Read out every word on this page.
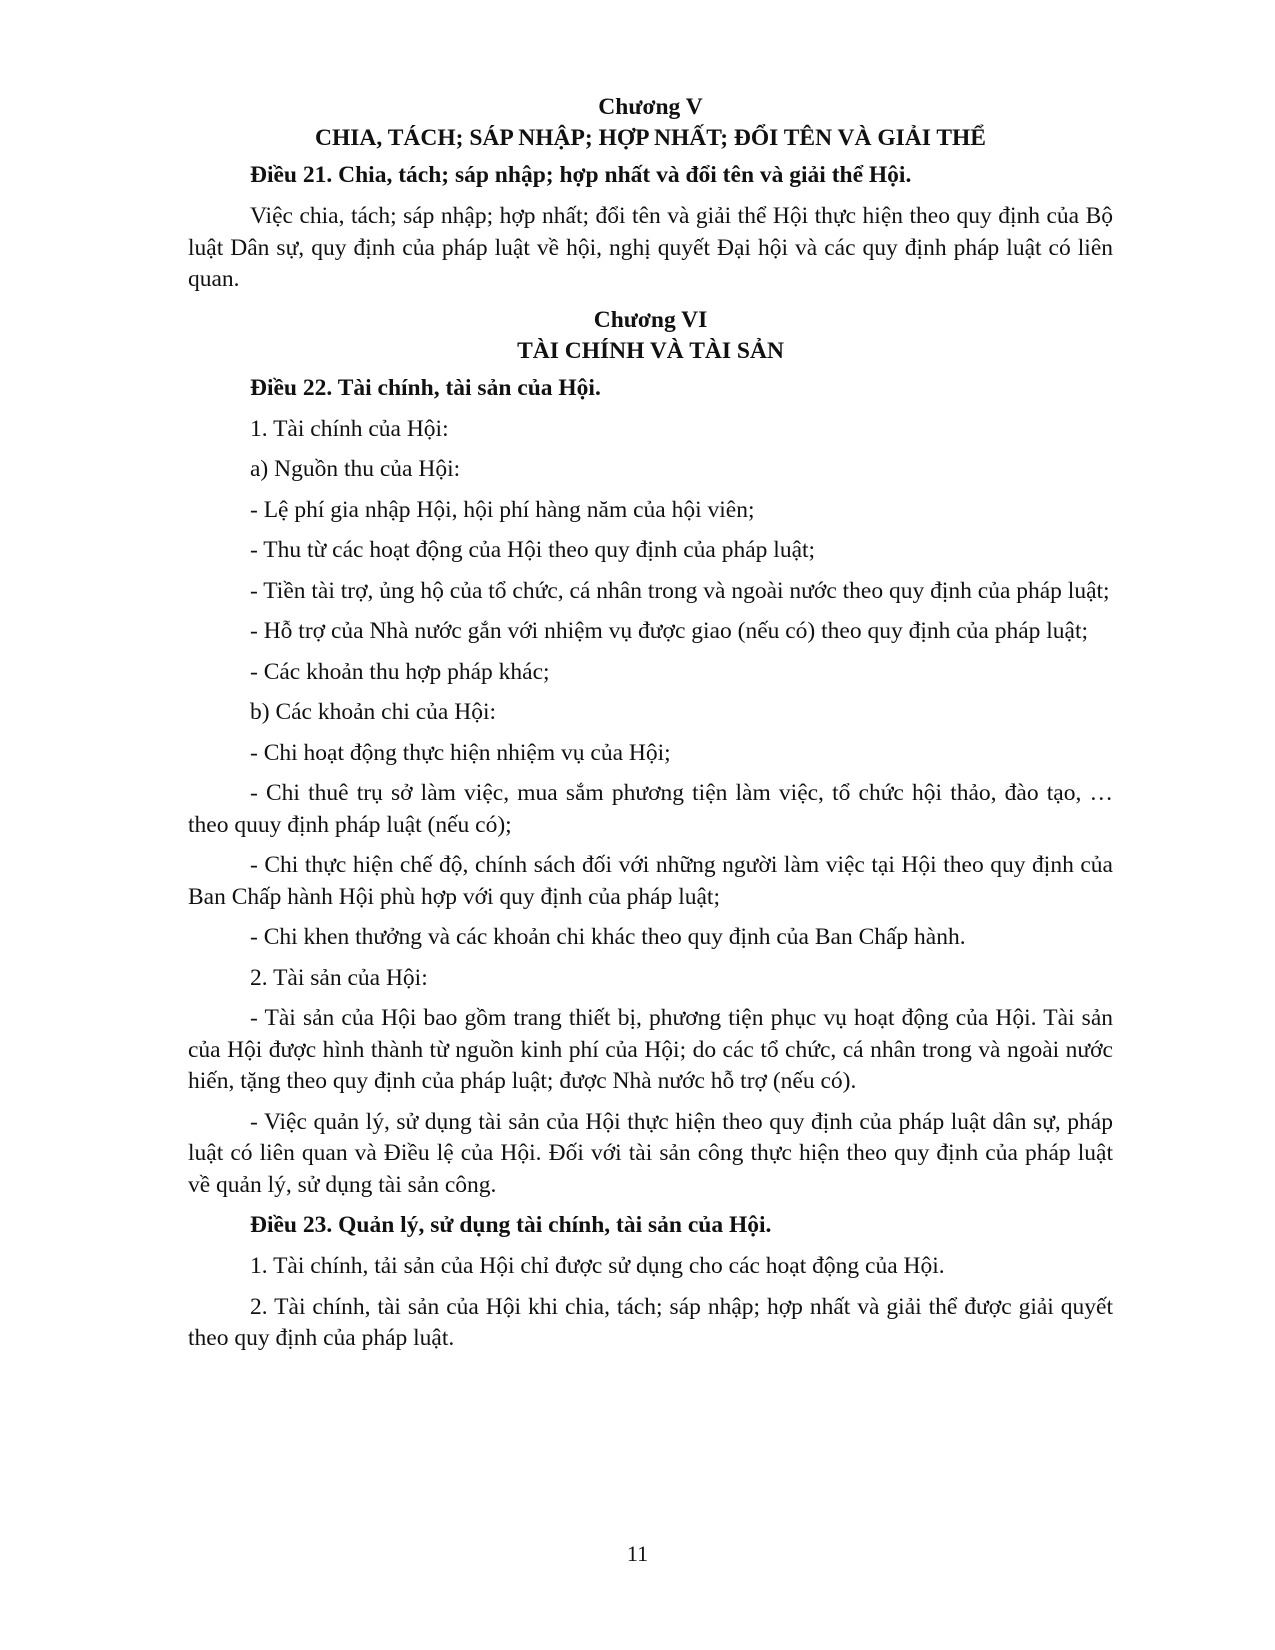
Chương V

CHIA, TÁCH; SÁP NHẬP; HỢP NHẤT; ĐỔI TÊN VÀ GIẢI THỂ

Điều 21. Chia, tách; sáp nhập; hợp nhất và đổi tên và giải thể Hội.

Việc chia, tách; sáp nhập; hợp nhất; đổi tên và giải thể Hội thực hiện theo quy định của Bộ luật Dân sự, quy định của pháp luật về hội, nghị quyết Đại hội và các quy định pháp luật có liên quan.

Chương VI

TÀI CHÍNH VÀ TÀI SẢN

Điều 22. Tài chính, tài sản của Hội.

1. Tài chính của Hội:

a) Nguồn thu của Hội:

- Lệ phí gia nhập Hội, hội phí hàng năm của hội viên;

- Thu từ các hoạt động của Hội theo quy định của pháp luật;

- Tiền tài trợ, ủng hộ của tổ chức, cá nhân trong và ngoài nước theo quy định của pháp luật;

- Hỗ trợ của Nhà nước gắn với nhiệm vụ được giao (nếu có) theo quy định của pháp luật;

- Các khoản thu hợp pháp khác;

b) Các khoản chi của Hội:

- Chi hoạt động thực hiện nhiệm vụ của Hội;

- Chi thuê trụ sở làm việc, mua sắm phương tiện làm việc, tổ chức hội thảo, đào tạo, … theo quuy định pháp luật (nếu có);

- Chi thực hiện chế độ, chính sách đối với những người làm việc tại Hội theo quy định của Ban Chấp hành Hội phù hợp với quy định của pháp luật;

- Chi khen thưởng và các khoản chi khác theo quy định của Ban Chấp hành.

2. Tài sản của Hội:

- Tài sản của Hội bao gồm trang thiết bị, phương tiện phục vụ hoạt động của Hội. Tài sản của Hội được hình thành từ nguồn kinh phí của Hội; do các tổ chức, cá nhân trong và ngoài nước hiến, tặng theo quy định của pháp luật; được Nhà nước hỗ trợ (nếu có).

- Việc quản lý, sử dụng tài sản của Hội thực hiện theo quy định của pháp luật dân sự, pháp luật có liên quan và Điều lệ của Hội. Đối với tài sản công thực hiện theo quy định của pháp luật về quản lý, sử dụng tài sản công.

Điều 23. Quản lý, sử dụng tài chính, tài sản của Hội.

1. Tài chính, tải sản của Hội chỉ được sử dụng cho các hoạt động của Hội.

2. Tài chính, tài sản của Hội khi chia, tách; sáp nhập; hợp nhất và giải thể được giải quyết theo quy định của pháp luật.

11
